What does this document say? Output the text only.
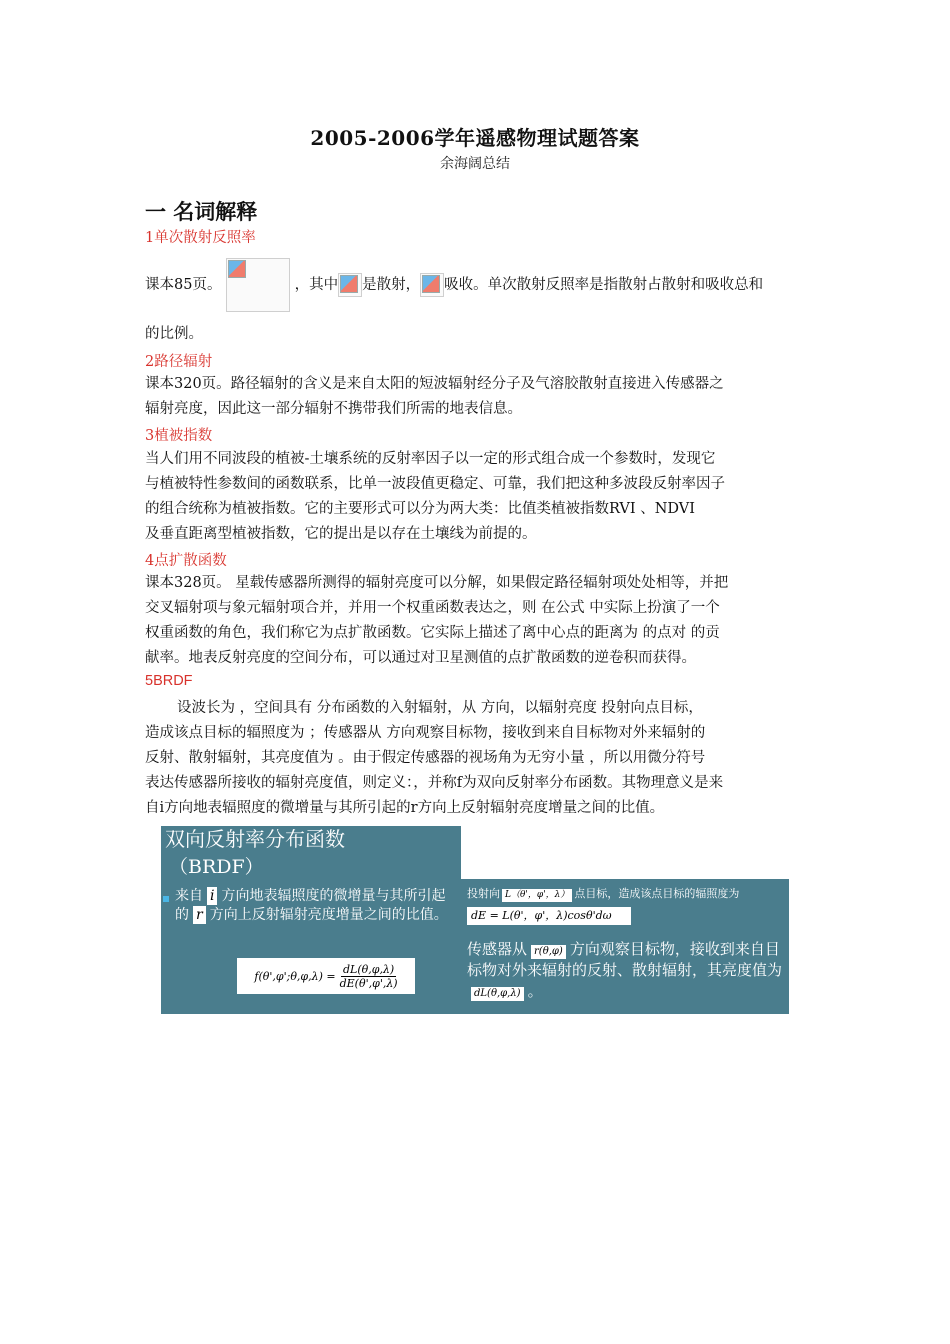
2005-2006学年遥感物理试题答案
余海阔总结
一 名词解释
1单次散射反照率
课本85页。	，其中 是散射， 吸收。单次散射反照率是指散射占散射和吸收总和
的比例。
2路径辐射
课本320页。路径辐射的含义是来自太阳的短波辐射经分子及气溶胶散射直接进入传感器之
辐射亮度，因此这一部分辐射不携带我们所需的地表信息。
3植被指数
当人们用不同波段的植被-土壤系统的反射率因子以一定的形式组合成一个参数时，发现它
与植被特性参数间的函数联系，比单一波段值更稳定、可靠，我们把这种多波段反射率因子
的组合统称为植被指数。它的主要形式可以分为两大类：比值类植被指数RVI 、NDVI
及垂直距离型植被指数，它的提出是以存在土壤线为前提的。
4点扩散函数
课本328页。 星载传感器所测得的辐射亮度可以分解，如果假定路径辐射项处处相等，并把
交叉辐射项与象元辐射项合并，并用一个权重函数表达之，则 在公式 中实际上扮演了一个
权重函数的角色，我们称它为点扩散函数。它实际上描述了离中心点的距离为 的点对 的贡
献率。地表反射亮度的空间分布，可以通过对卫星测值的点扩散函数的逆卷积而获得。
5BRDF
设波长为 ，空间具有 分布函数的入射辐射，从 方向，以辐射亮度 投射向点目标，
造成该点目标的辐照度为 ；传感器从 方向观察目标物，接收到来自目标物对外来辐射的
反射、散射辐射，其亮度值为 。由于假定传感器的视场角为无穷小量 ，所以用微分符号
表达传感器所接收的辐射亮度值，则定义：，并称f为双向反射率分布函数。其物理意义是来
自i方向地表辐照度的微增量与其所引起的r方向上反射辐射亮度增量之间的比值。
双向反射率分布函数
（BRDF）
来自 i 方向地表辐照度的微增量与其所引起的 r 方向上反射辐射亮度增量之间的比值。
f(θ',φ';θ,φ,λ) = $\frac{dL(\theta,\varphi,\lambda)}{dE(\theta',\varphi',\lambda)}$
投射向 L（θ'，φ'，λ） 点目标，造成该点目标的辐照度为
dE = L(θ'，φ'，λ)cosθ'dω
传感器从 r(θ,φ) 方向观察目标物，接收到来自目标物对外来辐射的反射、散射辐射，其亮度值为dL(θ,φ,λ) 。
